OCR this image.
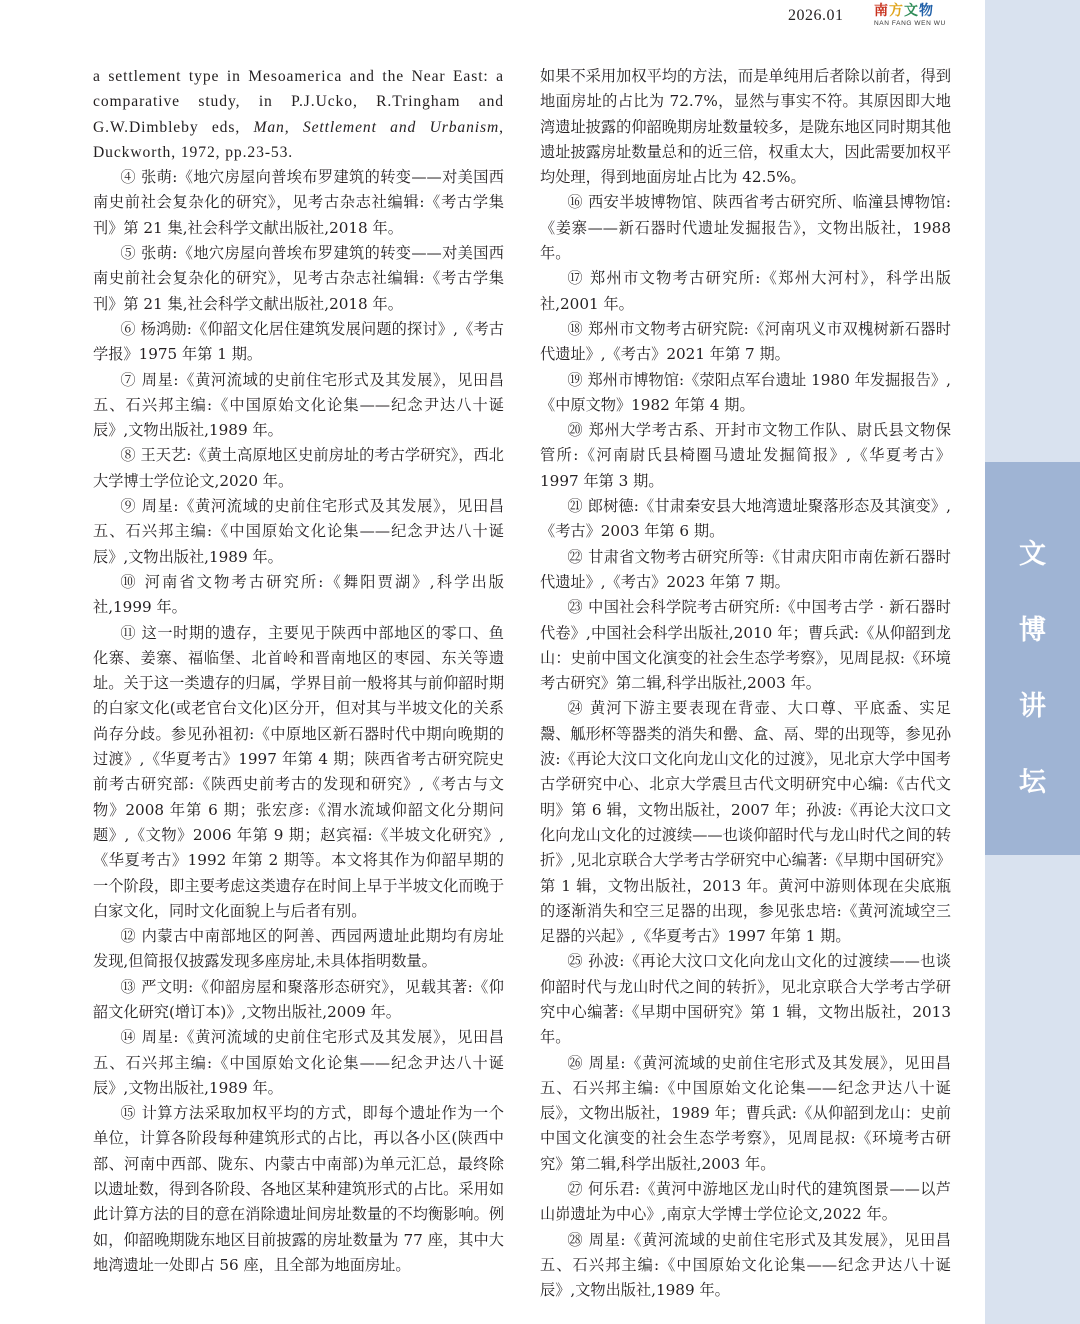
2026.01 南方文物
NAN FANG WEN WU
文
博
讲
坛

a settlement type in Mesoamerica and the Near East: a comparative study, in P.J.Ucko, R.Tringham and G.W.Dimbleby eds, Man, Settlement and Urbanism, Duckworth, 1972, pp.23-53.

④ 张萌:《地穴房屋向普埃布罗建筑的转变——对美国西南史前社会复杂化的研究》，见考古杂志社编辑:《考古学集刊》第 21 集,社会科学文献出版社,2018 年。

⑤ 张萌:《地穴房屋向普埃布罗建筑的转变——对美国西南史前社会复杂化的研究》，见考古杂志社编辑:《考古学集刊》第 21 集,社会科学文献出版社,2018 年。

⑥ 杨鸿勋:《仰韶文化居住建筑发展问题的探讨》,《考古学报》1975 年第 1 期。

⑦ 周星:《黄河流域的史前住宅形式及其发展》，见田昌五、石兴邦主编:《中国原始文化论集——纪念尹达八十诞辰》,文物出版社,1989 年。

⑧ 王天艺:《黄土高原地区史前房址的考古学研究》，西北大学博士学位论文,2020 年。

⑨ 周星:《黄河流域的史前住宅形式及其发展》，见田昌五、石兴邦主编:《中国原始文化论集——纪念尹达八十诞辰》,文物出版社,1989 年。

⑩ 河南省文物考古研究所:《舞阳贾湖》,科学出版社,1999 年。

⑪ 这一时期的遗存，主要见于陕西中部地区的零口、鱼化寨、姜寨、福临堡、北首岭和晋南地区的枣园、东关等遗址。关于这一类遗存的归属，学界目前一般将其与前仰韶时期的白家文化(或老官台文化)区分开，但对其与半坡文化的关系尚存分歧。参见孙祖初:《中原地区新石器时代中期向晚期的过渡》,《华夏考古》1997 年第 4 期；陕西省考古研究院史前考古研究部:《陕西史前考古的发现和研究》,《考古与文物》2008 年第 6 期；张宏彦:《渭水流域仰韶文化分期问题》,《文物》2006 年第 9 期；赵宾福:《半坡文化研究》,《华夏考古》1992 年第 2 期等。本文将其作为仰韶早期的一个阶段，即主要考虑这类遗存在时间上早于半坡文化而晚于白家文化，同时文化面貌上与后者有别。

⑫ 内蒙古中南部地区的阿善、西园两遗址此期均有房址发现,但简报仅披露发现多座房址,未具体指明数量。

⑬ 严文明:《仰韶房屋和聚落形态研究》，见载其著:《仰韶文化研究(增订本)》,文物出版社,2009 年。

⑭ 周星:《黄河流域的史前住宅形式及其发展》，见田昌五、石兴邦主编:《中国原始文化论集——纪念尹达八十诞辰》,文物出版社,1989 年。

⑮ 计算方法采取加权平均的方式，即每个遗址作为一个单位，计算各阶段每种建筑形式的占比，再以各小区(陕西中部、河南中西部、陇东、内蒙古中南部)为单元汇总，最终除以遗址数，得到各阶段、各地区某种建筑形式的占比。采用如此计算方法的目的意在消除遗址间房址数量的不均衡影响。例如，仰韶晚期陇东地区目前披露的房址数量为 77 座，其中大地湾遗址一处即占 56 座，且全部为地面房址。

如果不采用加权平均的方法，而是单纯用后者除以前者，得到地面房址的占比为 72.7%，显然与事实不符。其原因即大地湾遗址披露的仰韶晚期房址数量较多，是陇东地区同时期其他遗址披露房址数量总和的近三倍，权重太大，因此需要加权平均处理，得到地面房址占比为 42.5%。

⑯ 西安半坡博物馆、陕西省考古研究所、临潼县博物馆:《姜寨——新石器时代遗址发掘报告》，文物出版社，1988 年。

⑰ 郑州市文物考古研究所:《郑州大河村》，科学出版社,2001 年。

⑱ 郑州市文物考古研究院:《河南巩义市双槐树新石器时代遗址》,《考古》2021 年第 7 期。

⑲ 郑州市博物馆:《荥阳点军台遗址 1980 年发掘报告》,《中原文物》1982 年第 4 期。

⑳ 郑州大学考古系、开封市文物工作队、尉氏县文物保管所:《河南尉氏县椅圈马遗址发掘简报》,《华夏考古》1997 年第 3 期。

㉑ 郎树德:《甘肃秦安县大地湾遗址聚落形态及其演变》,《考古》2003 年第 6 期。

㉒ 甘肃省文物考古研究所等:《甘肃庆阳市南佐新石器时代遗址》,《考古》2023 年第 7 期。

㉓ 中国社会科学院考古研究所:《中国考古学 · 新石器时代卷》,中国社会科学出版社,2010 年；曹兵武:《从仰韶到龙山：史前中国文化演变的社会生态学考察》，见周昆叔:《环境考古研究》第二辑,科学出版社,2003 年。

㉔ 黄河下游主要表现在背壶、大口尊、平底盉、实足鬶、觚形杯等器类的消失和罍、盒、鬲、斝的出现等，参见孙波:《再论大汶口文化向龙山文化的过渡》，见北京大学中国考古学研究中心、北京大学震旦古代文明研究中心编:《古代文明》第 6 辑，文物出版社，2007 年；孙波:《再论大汶口文化向龙山文化的过渡续——也谈仰韶时代与龙山时代之间的转折》,见北京联合大学考古学研究中心编著:《早期中国研究》第 1 辑，文物出版社，2013 年。黄河中游则体现在尖底瓶的逐渐消失和空三足器的出现，参见张忠培:《黄河流域空三足器的兴起》,《华夏考古》1997 年第 1 期。

㉕ 孙波:《再论大汶口文化向龙山文化的过渡续——也谈仰韶时代与龙山时代之间的转折》，见北京联合大学考古学研究中心编著:《早期中国研究》第 1 辑，文物出版社，2013 年。

㉖ 周星:《黄河流域的史前住宅形式及其发展》，见田昌五、石兴邦主编:《中国原始文化论集——纪念尹达八十诞辰》，文物出版社，1989 年；曹兵武:《从仰韶到龙山：史前中国文化演变的社会生态学考察》，见周昆叔:《环境考古研究》第二辑,科学出版社,2003 年。

㉗ 何乐君:《黄河中游地区龙山时代的建筑图景——以芦山峁遗址为中心》,南京大学博士学位论文,2022 年。

㉘ 周星:《黄河流域的史前住宅形式及其发展》，见田昌五、石兴邦主编:《中国原始文化论集——纪念尹达八十诞辰》,文物出版社,1989 年。
